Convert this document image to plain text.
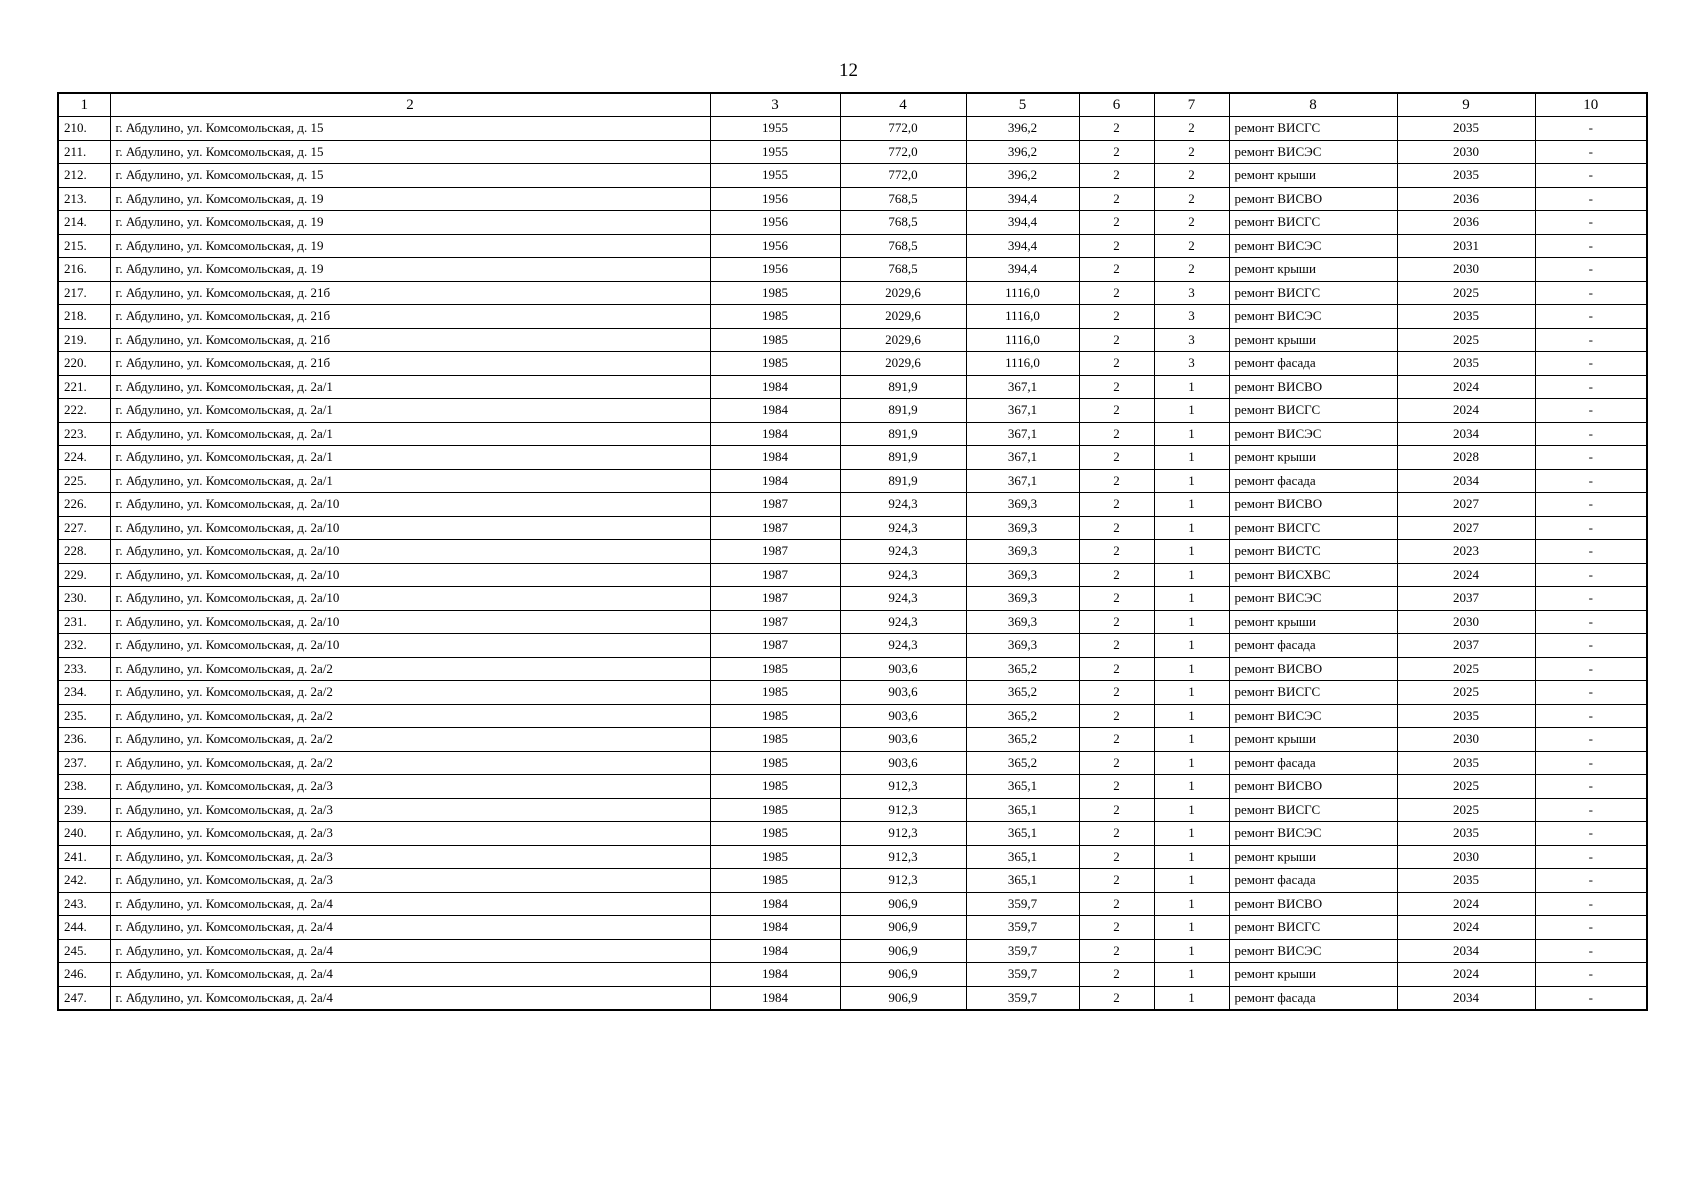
12
1	2	3	4	5	6	7	8	9	10
210.	г. Абдулино, ул. Комсомольская, д. 15	1955	772,0	396,2	2	2	ремонт ВИСГС	2035	-
211.	г. Абдулино, ул. Комсомольская, д. 15	1955	772,0	396,2	2	2	ремонт ВИСЭС	2030	-
212.	г. Абдулино, ул. Комсомольская, д. 15	1955	772,0	396,2	2	2	ремонт крыши	2035	-
213.	г. Абдулино, ул. Комсомольская, д. 19	1956	768,5	394,4	2	2	ремонт ВИСВО	2036	-
214.	г. Абдулино, ул. Комсомольская, д. 19	1956	768,5	394,4	2	2	ремонт ВИСГС	2036	-
215.	г. Абдулино, ул. Комсомольская, д. 19	1956	768,5	394,4	2	2	ремонт ВИСЭС	2031	-
216.	г. Абдулино, ул. Комсомольская, д. 19	1956	768,5	394,4	2	2	ремонт крыши	2030	-
217.	г. Абдулино, ул. Комсомольская, д. 21б	1985	2029,6	1116,0	2	3	ремонт ВИСГС	2025	-
218.	г. Абдулино, ул. Комсомольская, д. 21б	1985	2029,6	1116,0	2	3	ремонт ВИСЭС	2035	-
219.	г. Абдулино, ул. Комсомольская, д. 21б	1985	2029,6	1116,0	2	3	ремонт крыши	2025	-
220.	г. Абдулино, ул. Комсомольская, д. 21б	1985	2029,6	1116,0	2	3	ремонт фасада	2035	-
221.	г. Абдулино, ул. Комсомольская, д. 2а/1	1984	891,9	367,1	2	1	ремонт ВИСВО	2024	-
222.	г. Абдулино, ул. Комсомольская, д. 2а/1	1984	891,9	367,1	2	1	ремонт ВИСГС	2024	-
223.	г. Абдулино, ул. Комсомольская, д. 2а/1	1984	891,9	367,1	2	1	ремонт ВИСЭС	2034	-
224.	г. Абдулино, ул. Комсомольская, д. 2а/1	1984	891,9	367,1	2	1	ремонт крыши	2028	-
225.	г. Абдулино, ул. Комсомольская, д. 2а/1	1984	891,9	367,1	2	1	ремонт фасада	2034	-
226.	г. Абдулино, ул. Комсомольская, д. 2а/10	1987	924,3	369,3	2	1	ремонт ВИСВО	2027	-
227.	г. Абдулино, ул. Комсомольская, д. 2а/10	1987	924,3	369,3	2	1	ремонт ВИСГС	2027	-
228.	г. Абдулино, ул. Комсомольская, д. 2а/10	1987	924,3	369,3	2	1	ремонт ВИСТС	2023	-
229.	г. Абдулино, ул. Комсомольская, д. 2а/10	1987	924,3	369,3	2	1	ремонт ВИСХВС	2024	-
230.	г. Абдулино, ул. Комсомольская, д. 2а/10	1987	924,3	369,3	2	1	ремонт ВИСЭС	2037	-
231.	г. Абдулино, ул. Комсомольская, д. 2а/10	1987	924,3	369,3	2	1	ремонт крыши	2030	-
232.	г. Абдулино, ул. Комсомольская, д. 2а/10	1987	924,3	369,3	2	1	ремонт фасада	2037	-
233.	г. Абдулино, ул. Комсомольская, д. 2а/2	1985	903,6	365,2	2	1	ремонт ВИСВО	2025	-
234.	г. Абдулино, ул. Комсомольская, д. 2а/2	1985	903,6	365,2	2	1	ремонт ВИСГС	2025	-
235.	г. Абдулино, ул. Комсомольская, д. 2а/2	1985	903,6	365,2	2	1	ремонт ВИСЭС	2035	-
236.	г. Абдулино, ул. Комсомольская, д. 2а/2	1985	903,6	365,2	2	1	ремонт крыши	2030	-
237.	г. Абдулино, ул. Комсомольская, д. 2а/2	1985	903,6	365,2	2	1	ремонт фасада	2035	-
238.	г. Абдулино, ул. Комсомольская, д. 2а/3	1985	912,3	365,1	2	1	ремонт ВИСВО	2025	-
239.	г. Абдулино, ул. Комсомольская, д. 2а/3	1985	912,3	365,1	2	1	ремонт ВИСГС	2025	-
240.	г. Абдулино, ул. Комсомольская, д. 2а/3	1985	912,3	365,1	2	1	ремонт ВИСЭС	2035	-
241.	г. Абдулино, ул. Комсомольская, д. 2а/3	1985	912,3	365,1	2	1	ремонт крыши	2030	-
242.	г. Абдулино, ул. Комсомольская, д. 2а/3	1985	912,3	365,1	2	1	ремонт фасада	2035	-
243.	г. Абдулино, ул. Комсомольская, д. 2а/4	1984	906,9	359,7	2	1	ремонт ВИСВО	2024	-
244.	г. Абдулино, ул. Комсомольская, д. 2а/4	1984	906,9	359,7	2	1	ремонт ВИСГС	2024	-
245.	г. Абдулино, ул. Комсомольская, д. 2а/4	1984	906,9	359,7	2	1	ремонт ВИСЭС	2034	-
246.	г. Абдулино, ул. Комсомольская, д. 2а/4	1984	906,9	359,7	2	1	ремонт крыши	2024	-
247.	г. Абдулино, ул. Комсомольская, д. 2а/4	1984	906,9	359,7	2	1	ремонт фасада	2034	-
